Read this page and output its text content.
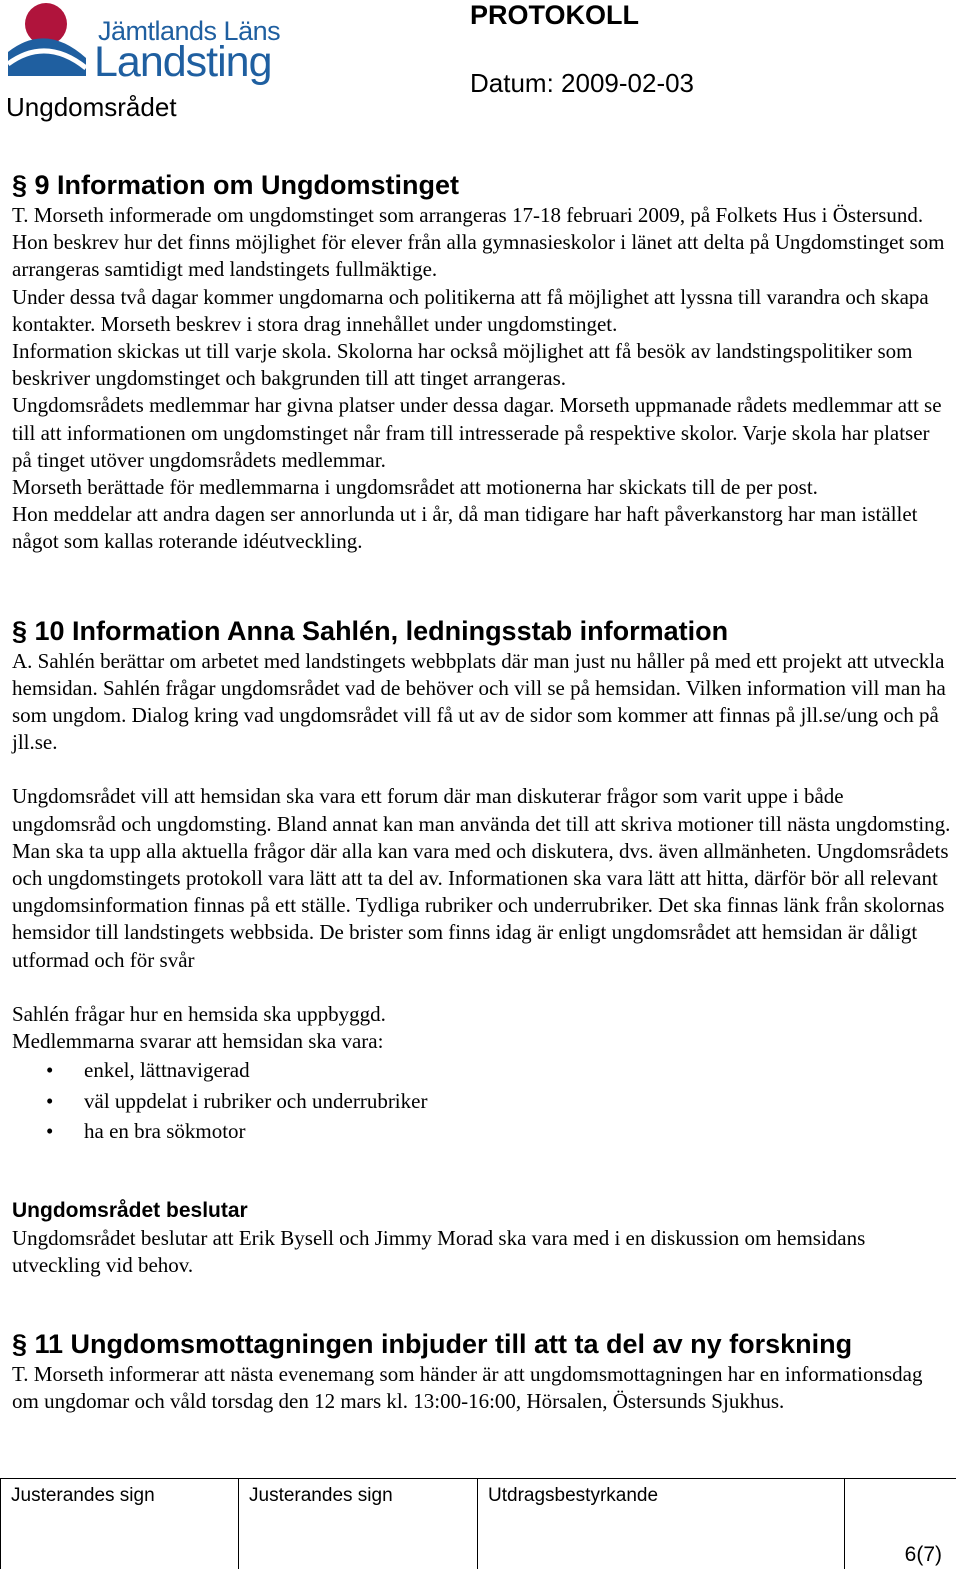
Jämtlands Läns
Landsting
Ungdomsrådet
PROTOKOLL
Datum: 2009-02-03
§ 9 Information om Ungdomstinget

T. Morseth informerade om ungdomstinget som arrangeras 17-18 februari 2009, på Folkets Hus i Östersund. Hon beskrev hur det finns möjlighet för elever från alla gymnasieskolor i länet att delta på Ungdomstinget som arrangeras samtidigt med landstingets fullmäktige.

Under dessa två dagar kommer ungdomarna och politikerna att få möjlighet att lyssna till varandra och skapa kontakter. Morseth beskrev i stora drag innehållet under ungdomstinget.

Information skickas ut till varje skola. Skolorna har också möjlighet att få besök av landstingspolitiker som beskriver ungdomstinget och bakgrunden till att tinget arrangeras.

Ungdomsrådets medlemmar har givna platser under dessa dagar. Morseth uppmanade rådets medlemmar att se till att informationen om ungdomstinget når fram till intresserade på respektive skolor. Varje skola har platser på tinget utöver ungdomsrådets medlemmar.

Morseth berättade för medlemmarna i ungdomsrådet att motionerna har skickats till de per post.

Hon meddelar att andra dagen ser annorlunda ut i år, då man tidigare har haft påverkanstorg har man istället något som kallas roterande idéutveckling.

§ 10 Information Anna Sahlén, ledningsstab information

A. Sahlén berättar om arbetet med landstingets webbplats där man just nu håller på med ett projekt att utveckla hemsidan. Sahlén frågar ungdomsrådet vad de behöver och vill se på hemsidan. Vilken information vill man ha som ungdom. Dialog kring vad ungdomsrådet vill få ut av de sidor som kommer att finnas på jll.se/ung och på jll.se.

Ungdomsrådet vill att hemsidan ska vara ett forum där man diskuterar frågor som varit uppe i både ungdomsråd och ungdomsting. Bland annat kan man använda det till att skriva motioner till nästa ungdomsting. Man ska ta upp alla aktuella frågor där alla kan vara med och diskutera, dvs. även allmänheten. Ungdomsrådets och ungdomstingets protokoll vara lätt att ta del av. Informationen ska vara lätt att hitta, därför bör all relevant ungdomsinformation finnas på ett ställe. Tydliga rubriker och underrubriker. Det ska finnas länk från skolornas hemsidor till landstingets webbsida. De brister som finns idag är enligt ungdomsrådet att hemsidan är dåligt utformad och för svår

Sahlén frågar hur en hemsida ska uppbyggd.

Medlemmarna svarar att hemsidan ska vara:

• enkel, lättnavigerad
• väl uppdelat i rubriker och underrubriker
• ha en bra sökmotor
Ungdomsrådet beslutar

Ungdomsrådet beslutar att Erik Bysell och Jimmy Morad ska vara med i en diskussion om hemsidans utveckling vid behov.

§ 11 Ungdomsmottagningen inbjuder till att ta del av ny forskning

T. Morseth informerar att nästa evenemang som händer är att ungdomsmottagningen har en informationsdag om ungdomar och våld torsdag den 12 mars kl. 13:00-16:00, Hörsalen, Östersunds Sjukhus.

Justerandes sign	Justerandes sign	Utdragsbestyrkande
6(7)
